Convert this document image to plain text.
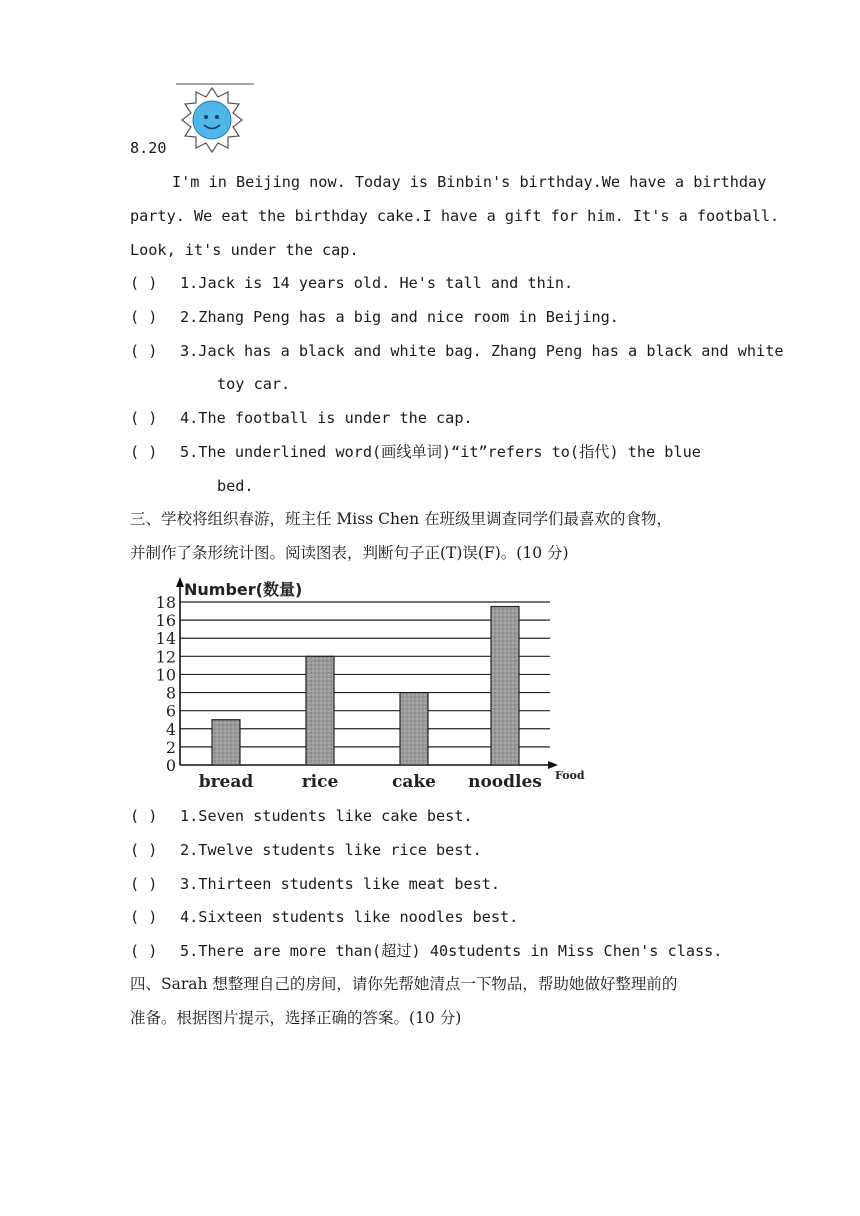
8.20
I'm in Beijing now. Today is Binbin's birthday.We have a birthday
party. We eat the birthday cake.I have a gift for him. It's a football.
Look, it's under the cap.
( )	1. Jack is 14 years old. He's tall and thin.
( )	2. Zhang Peng has a big and nice room in Beijing.
( )	3. Jack has a black and white bag. Zhang Peng has a black and white
toy car.
( )	4. The football is under the cap.
( )	5. The underlined word(画线单词)“it”refers to(指代) the blue
bed.
三、学校将组织春游，班主任 Miss Chen 在班级里调查同学们最喜欢的食物，
并制作了条形统计图。阅读图表，判断句子正(T)误(F)。(10 分)
Number(数量)
Food
0
2
4
6
8
10
12
14
16
18
bread	rice	cake noodles
( )	1. Seven students like cake best.
( )	2. Twelve students like rice best.
( )	3. Thirteen students like meat best.
( )	4. Sixteen students like noodles best.
( )	5. There are more than(超过) 40students in Miss Chen's class.
四、Sarah 想整理自己的房间，请你先帮她清点一下物品，帮助她做好整理前的
准备。根据图片提示，选择正确的答案。(10 分)
